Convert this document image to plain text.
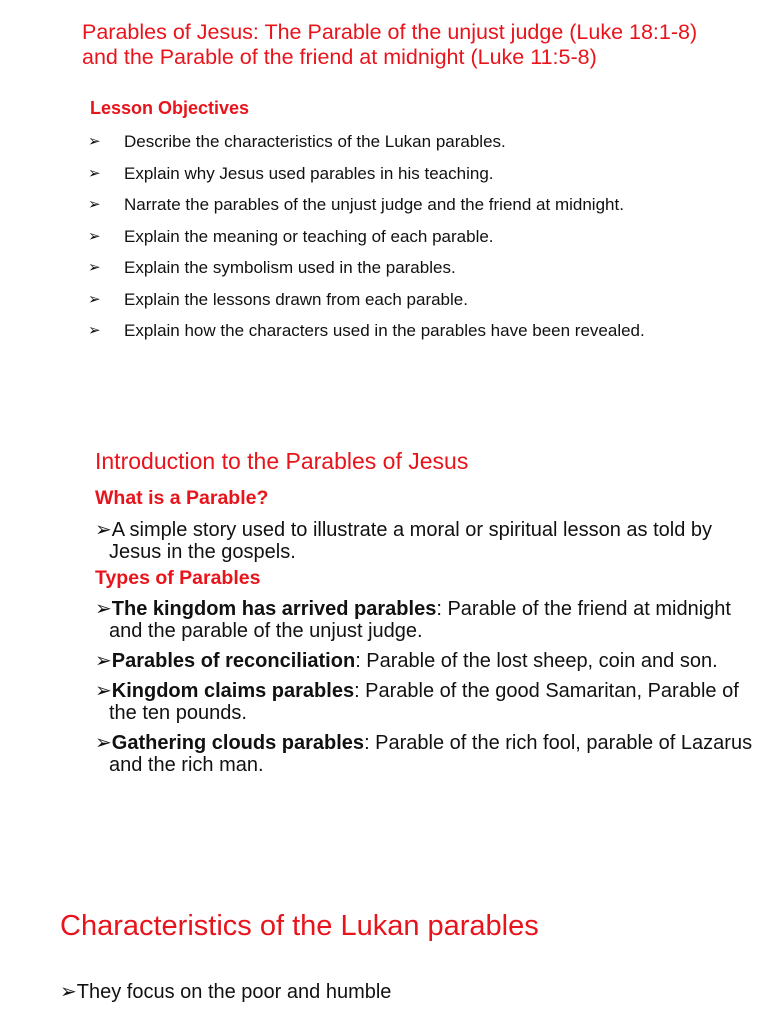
Parables of Jesus: The Parable of the unjust judge (Luke 18:1-8) and the Parable of the friend at midnight (Luke 11:5-8)
Lesson Objectives
➢ Describe the characteristics of the Lukan parables.
➢ Explain why Jesus used parables in his teaching.
➢ Narrate the parables of the unjust judge and the friend at midnight.
➢ Explain the meaning or teaching of each parable.
➢ Explain the symbolism used in the parables.
➢ Explain the lessons drawn from each parable.
➢ Explain how the characters used in the parables have been revealed.
Introduction to the Parables of Jesus
What is a Parable?

➢A simple story used to illustrate a moral or spiritual lesson as told by Jesus in the gospels.

Types of Parables
➢The kingdom has arrived parables: Parable of the friend at midnight and the parable of the unjust judge.
➢Parables of reconciliation: Parable of the lost sheep, coin and son.
➢Kingdom claims parables: Parable of the good Samaritan, Parable of the ten pounds.
➢Gathering clouds parables: Parable of the rich fool, parable of Lazarus and the rich man.
Characteristics of the Lukan parables

➢They focus on the poor and humble
